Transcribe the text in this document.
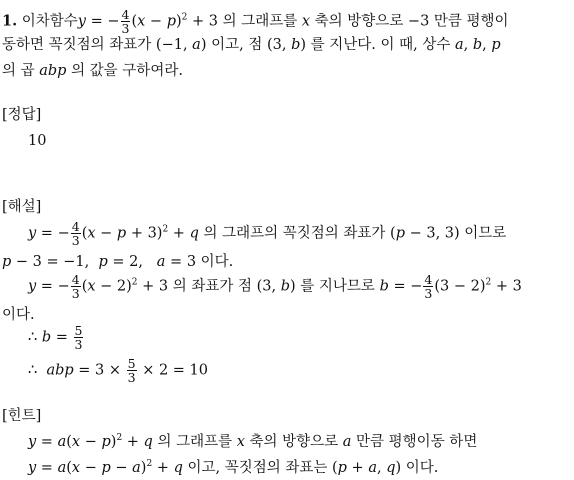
1. 이차함수y = − $\frac{4}{3} (x - p)^2 + 3$ 의 그래프를 x 축의 방향으로 −3 만큼 평행이
동하면 꼭짓점의 좌표가 (−1, a) 이고, 점 (3, b) 를 지난다. 이 때, 상수 a, b, p
의 곱 abp 의 값을 구하여라.
[정답]
10
[해설]
y = − $\frac{4}{3} (x - p + 3)^2 + q$ 의 그래프의 꼭짓점의 좌표가 (p − 3, 3) 이므로
p − 3 = −1,  p = 2,   a = 3 이다.
y = − $\frac{4}{3} (x - 2)^2 + 3$ 의 좌표가 점 (3, b) 를 지나므로 b = − $\frac{4}{3} (3 - 2)^2 + 3$
이다.
∴ $b = \frac{5}{3}$
∴  abp = $3 \times \frac{5}{3} \times 2 = 10$
[힌트]
$y = a(x - p)^2 + q$ 의 그래프를 x 축의 방향으로 a 만큼 평행이동 하면
$y = a(x - p - a)^2 + q$ 이고, 꼭짓점의 좌표는 (p + a, q) 이다.
